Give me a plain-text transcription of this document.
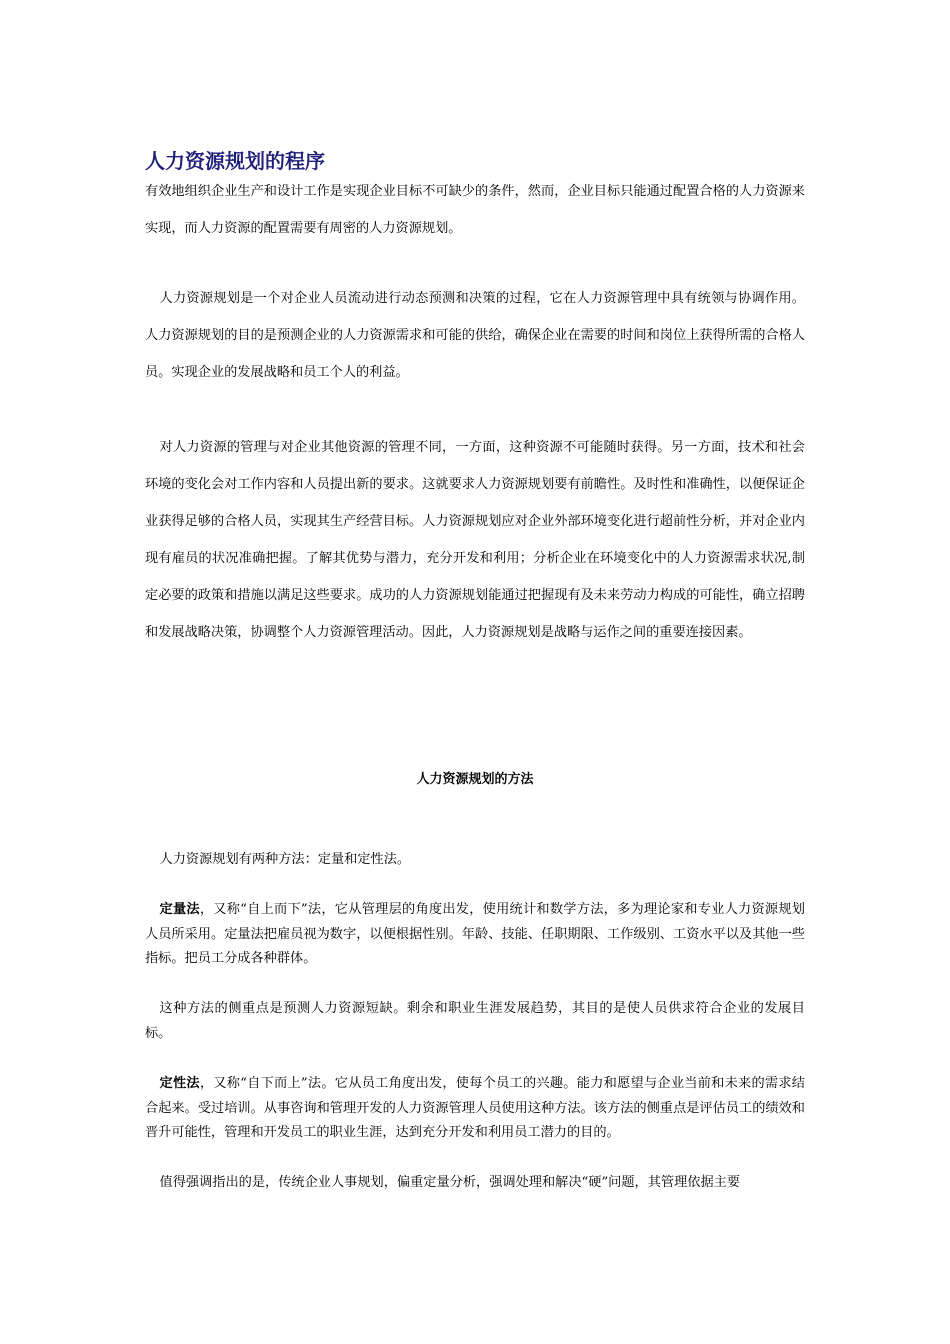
人力资源规划的程序

有效地组织企业生产和设计工作是实现企业目标不可缺少的条件，然而，企业目标只能通过配置合格的人力资源来实现，而人力资源的配置需要有周密的人力资源规划。

人力资源规划是一个对企业人员流动进行动态预测和决策的过程，它在人力资源管理中具有统领与协调作用。人力资源规划的目的是预测企业的人力资源需求和可能的供给，确保企业在需要的时间和岗位上获得所需的合格人员。实现企业的发展战略和员工个人的利益。

对人力资源的管理与对企业其他资源的管理不同，一方面，这种资源不可能随时获得。另一方面，技术和社会环境的变化会对工作内容和人员提出新的要求。这就要求人力资源规划要有前瞻性。及时性和准确性，以便保证企业获得足够的合格人员，实现其生产经营目标。人力资源规划应对企业外部环境变化进行超前性分析，并对企业内现有雇员的状况准确把握。了解其优势与潜力，充分开发和利用；分析企业在环境变化中的人力资源需求状况,制定必要的政策和措施以满足这些要求。成功的人力资源规划能通过把握现有及未来劳动力构成的可能性，确立招聘和发展战略决策，协调整个人力资源管理活动。因此，人力资源规划是战略与运作之间的重要连接因素。

人力资源规划的方法

人力资源规划有两种方法：定量和定性法。

定量法，又称“自上而下”法，它从管理层的角度出发，使用统计和数学方法，多为理论家和专业人力资源规划人员所采用。定量法把雇员视为数字，以便根据性别。年龄、技能、任职期限、工作级别、工资水平以及其他一些指标。把员工分成各种群体。

这种方法的侧重点是预测人力资源短缺。剩余和职业生涯发展趋势，其目的是使人员供求符合企业的发展目标。

定性法，又称“自下而上”法。它从员工角度出发，使每个员工的兴趣。能力和愿望与企业当前和未来的需求结合起来。受过培训。从事咨询和管理开发的人力资源管理人员使用这种方法。该方法的侧重点是评估员工的绩效和晋升可能性，管理和开发员工的职业生涯，达到充分开发和利用员工潜力的目的。

值得强调指出的是，传统企业人事规划，偏重定量分析，强调处理和解决“硬”问题，其管理依据主要
